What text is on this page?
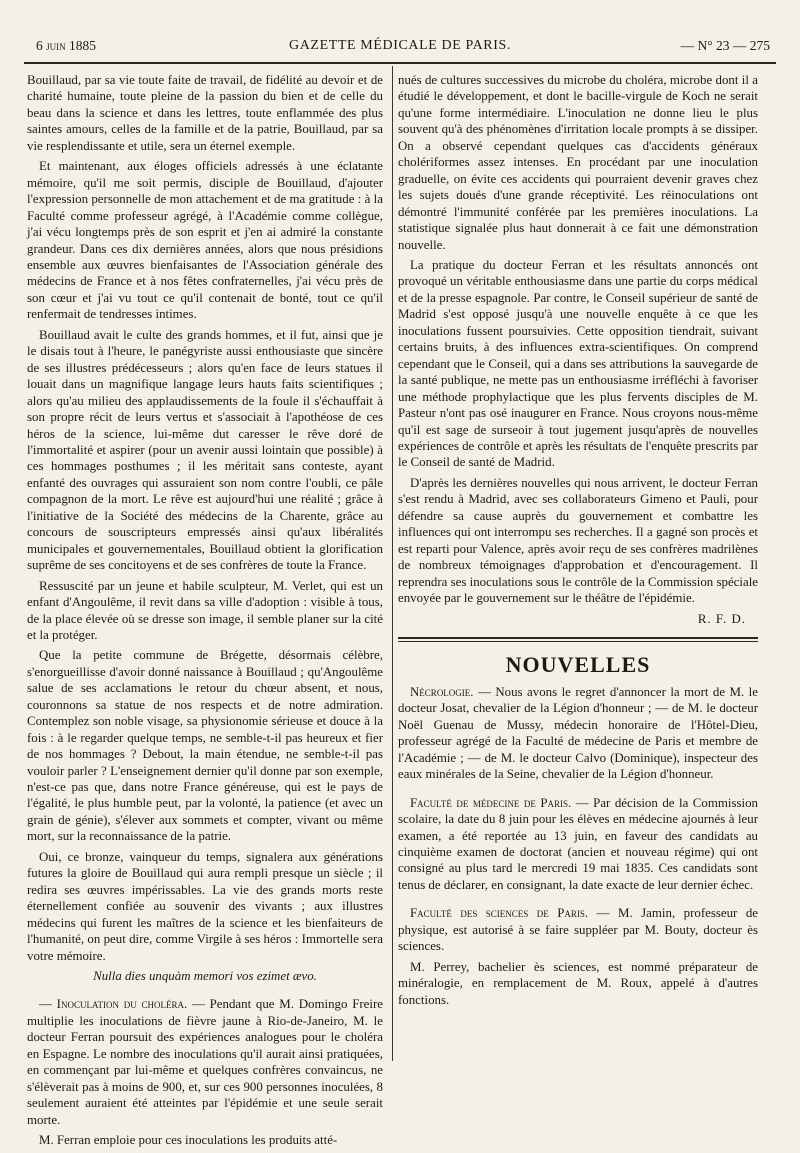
6 juin 1885	GAZETTE MÉDICALE DE PARIS.	— N° 23 — 275

Bouillaud, par sa vie toute faite de travail, de fidélité au devoir et de charité humaine, toute pleine de la passion du bien et de celle du beau dans la science et dans les lettres, toute enflammée des plus saintes amours, celles de la famille et de la patrie, Bouillaud, par sa vie resplendissante et utile, sera un éternel exemple.

Et maintenant, aux éloges officiels adressés à une éclatante mémoire, qu'il me soit permis, disciple de Bouillaud, d'ajouter l'expression personnelle de mon attachement et de ma gratitude : à la Faculté comme professeur agrégé, à l'Académie comme collègue, j'ai vécu longtemps près de son esprit et j'en ai admiré la constante grandeur. Dans ces dix dernières années, alors que nous présidions ensemble aux œuvres bienfaisantes de l'Association générale des médecins de France et à nos fêtes confraternelles, j'ai vécu près de son cœur et j'ai vu tout ce qu'il contenait de bonté, tout ce qu'il renfermait de tendresses intimes.

Bouillaud avait le culte des grands hommes, et il fut, ainsi que je le disais tout à l'heure, le panégyriste aussi enthousiaste que sincère de ses illustres prédécesseurs ; alors qu'en face de leurs statues il louait dans un magnifique langage leurs hauts faits scientifiques ; alors qu'au milieu des applaudissements de la foule il s'échauffait à son propre récit de leurs vertus et s'associait à l'apothéose de ces héros de la science, lui-même dut caresser le rêve doré de l'immortalité et aspirer (pour un avenir aussi lointain que possible) à ces hommages posthumes ; il les méritait sans conteste, ayant enfanté des ouvrages qui assuraient son nom contre l'oubli, ce pâle compagnon de la mort. Le rêve est aujourd'hui une réalité ; grâce à l'initiative de la Société des médecins de la Charente, grâce au concours de souscripteurs empressés ainsi qu'aux libéralités municipales et gouvernementales, Bouillaud obtient la glorification suprême de ses concitoyens et de ses confrères de toute la France.

Ressuscité par un jeune et habile sculpteur, M. Verlet, qui est un enfant d'Angoulême, il revit dans sa ville d'adoption : visible à tous, de la place élevée où se dresse son image, il semble planer sur la cité et la protéger.

Que la petite commune de Brégette, désormais célèbre, s'enorgueillisse d'avoir donné naissance à Bouillaud ; qu'Angoulême salue de ses acclamations le retour du chœur absent, et nous, couronnons sa statue de nos respects et de notre admiration. Contemplez son noble visage, sa physionomie sérieuse et douce à la fois : à le regarder quelque temps, ne semble-t-il pas heureux et fier de nos hommages ? Debout, la main étendue, ne semble-t-il pas vouloir parler ? L'enseignement dernier qu'il donne par son exemple, n'est-ce pas que, dans notre France généreuse, qui est le pays de l'égalité, le plus humble peut, par la volonté, la patience (et avec un grain de génie), s'élever aux sommets et compter, vivant ou même mort, sur la reconnaissance de la patrie.

Oui, ce bronze, vainqueur du temps, signalera aux générations futures la gloire de Bouillaud qui aura rempli presque un siècle ; il redira ses œuvres impérissables. La vie des grands morts reste éternellement confiée au souvenir des vivants ; aux illustres médecins qui furent les maîtres de la science et les bienfaiteurs de l'humanité, on peut dire, comme Virgile à ses héros : Immortelle sera votre mémoire.

Nulla dies unquàm memori vos ezimet ævo.

— Inoculation du choléra. — Pendant que M. Domingo Freire multiplie les inoculations de fièvre jaune à Rio-de-Janeiro, M. le docteur Ferran poursuit des expériences analogues pour le choléra en Espagne. Le nombre des inoculations qu'il aurait ainsi pratiquées, en commençant par lui-même et quelques confrères convaincus, ne s'élèverait pas à moins de 900, et, sur ces 900 personnes inoculées, 8 seulement auraient été atteintes par l'épidémie et une seule serait morte.

M. Ferran emploie pour ces inoculations les produits atté-

nués de cultures successives du microbe du choléra, microbe dont il a étudié le développement, et dont le bacille-virgule de Koch ne serait qu'une forme intermédiaire. L'inoculation ne donne lieu le plus souvent qu'à des phénomènes d'irritation locale prompts à se dissiper. On a observé cependant quelques cas d'accidents généraux cholériformes assez intenses. En procédant par une inoculation graduelle, on évite ces accidents qui pourraient devenir graves chez les sujets doués d'une grande réceptivité. Les réinoculations ont démontré l'immunité conférée par les premières inoculations. La statistique signalée plus haut donnerait à ce fait une démonstration nouvelle.

La pratique du docteur Ferran et les résultats annoncés ont provoqué un véritable enthousiasme dans une partie du corps médical et de la presse espagnole. Par contre, le Conseil supérieur de santé de Madrid s'est opposé jusqu'à une nouvelle enquête à ce que les inoculations fussent poursuivies. Cette opposition tiendrait, suivant certains bruits, à des influences extra-scientifiques. On comprend cependant que le Conseil, qui a dans ses attributions la sauvegarde de la santé publique, ne mette pas un enthousiasme irréfléchi à favoriser une méthode prophylactique que les plus fervents disciples de M. Pasteur n'ont pas osé inaugurer en France. Nous croyons nous-même qu'il est sage de surseoir à tout jugement jusqu'après de nouvelles expériences de contrôle et après les résultats de l'enquête prescrits par le Conseil de santé de Madrid.

D'après les dernières nouvelles qui nous arrivent, le docteur Ferran s'est rendu à Madrid, avec ses collaborateurs Gimeno et Pauli, pour défendre sa cause auprès du gouvernement et combattre les influences qui ont interrompu ses recherches. Il a gagné son procès et est reparti pour Valence, après avoir reçu de ses confrères madrilènes de nombreux témoignages d'approbation et d'encouragement. Il reprendra ses inoculations sous le contrôle de la Commission spéciale envoyée par le gouvernement sur le théâtre de l'épidémie.

R. F. D.

NOUVELLES

Nécrologie. — Nous avons le regret d'annoncer la mort de M. le docteur Josat, chevalier de la Légion d'honneur ; — de M. le docteur Noël Guenau de Mussy, médecin honoraire de l'Hôtel-Dieu, professeur agrégé de la Faculté de médecine de Paris et membre de l'Académie ; — de M. le docteur Calvo (Dominique), inspecteur des eaux minérales de la Seine, chevalier de la Légion d'honneur.

Faculté de médecine de Paris. — Par décision de la Commission scolaire, la date du 8 juin pour les élèves en médecine ajournés à leur examen, a été reportée au 13 juin, en faveur des candidats au cinquième examen de doctorat (ancien et nouveau régime) qui ont consigné au plus tard le mercredi 19 mai 1835. Ces candidats sont tenus de déclarer, en consignant, la date exacte de leur dernier échec.

Faculté des sciences de Paris. — M. Jamin, professeur de physique, est autorisé à se faire suppléer par M. Bouty, docteur ès sciences.

M. Perrey, bachelier ès sciences, est nommé préparateur de minéralogie, en remplacement de M. Roux, appelé à d'autres fonctions.
